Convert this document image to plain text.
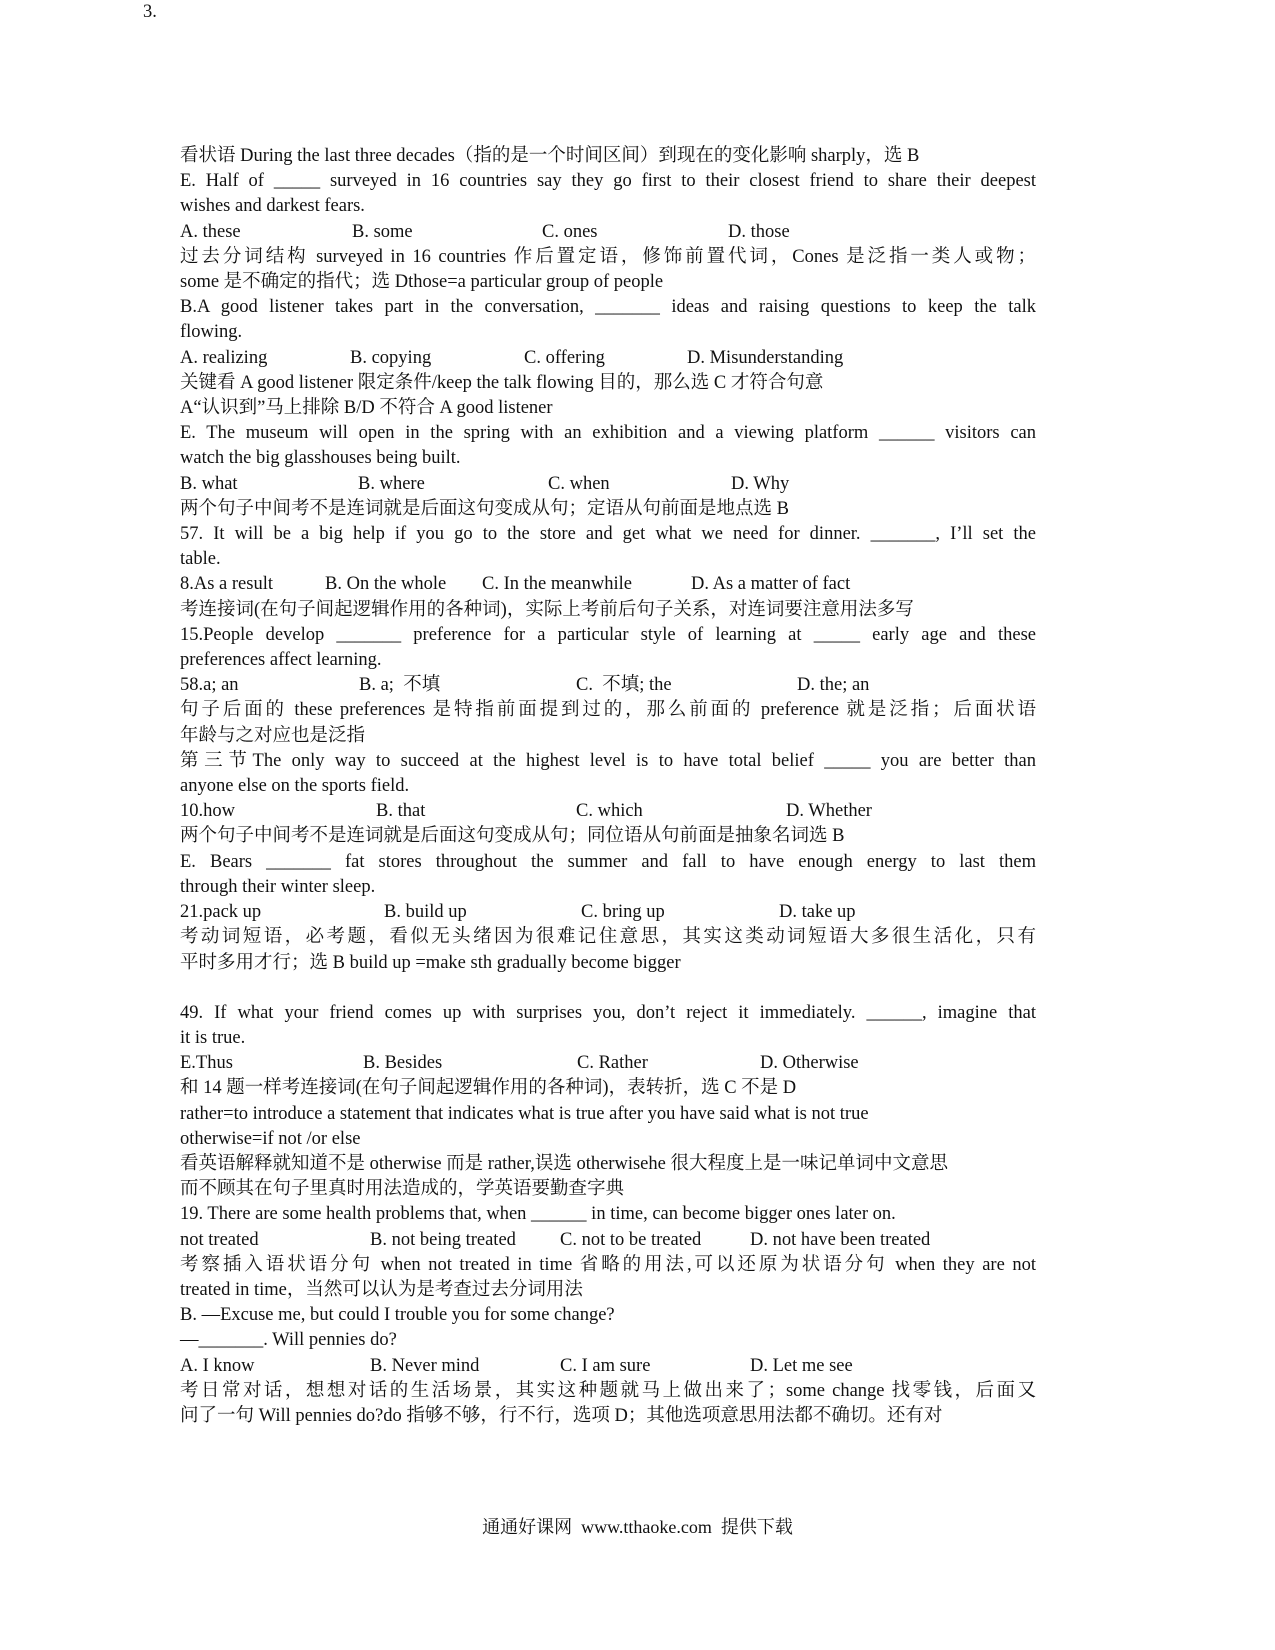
看状语 During the last three decades（指的是一个时间区间）到现在的变化影响 sharply，选 B
E. Half of _____ surveyed in 16 countries say they go first to their closest friend to share their deepest
wishes and darkest fears.
A. these	B. some	C. ones	D. those
过去分词结构 surveyed in 16 countries 作后置定语，修饰前置代词，Cones 是泛指一类人或物；
some 是不确定的指代；选 Dthose=a particular group of people
B.A good listener takes part in the conversation, _______ ideas and raising questions to keep the talk
flowing.
A. realizing	B. copying	C. offering	D. Misunderstanding
关键看 A good listener 限定条件/keep the talk flowing 目的，那么选 C 才符合句意
A“认识到”马上排除 B/D 不符合 A good listener
E. The museum will open in the spring with an exhibition and a viewing platform ______ visitors can
watch the big glasshouses being built.
B. what	B. where	C. when	D. Why
两个句子中间考不是连词就是后面这句变成从句；定语从句前面是地点选 B
57. It will be a big help if you go to the store and get what we need for dinner. _______, I’ll set the
table.
8.As a result	B. On the whole	C. In the meanwhile	D. As a matter of fact
考连接词(在句子间起逻辑作用的各种词)，实际上考前后句子关系，对连词要注意用法多写
15.People develop _______ preference for a particular style of learning at _____ early age and these
preferences affect learning.
58.a; an	B. a;  不填	C.  不填; the	D. the; an
句子后面的 these preferences 是特指前面提到过的，那么前面的 preference 就是泛指；后面状语
年龄与之对应也是泛指
第三节The only way to succeed at the highest level is to have total belief _____ you are better than
anyone else on the sports field.
10.how	B. that	C. which	D. Whether
两个句子中间考不是连词就是后面这句变成从句；同位语从句前面是抽象名词选 B
E. Bears _______ fat stores throughout the summer and fall to have enough energy to last them
through their winter sleep.
21.pack up	B. build up	C. bring up	D. take up
考动词短语，必考题，看似无头绪因为很难记住意思，其实这类动词短语大多很生活化，只有
平时多用才行；选 B build up =make sth gradually become bigger
49. If what your friend comes up with surprises you, don’t reject it immediately. ______, imagine that
it is true.
E.Thus	B. Besides	C. Rather	D. Otherwise
和 14 题一样考连接词(在句子间起逻辑作用的各种词)，表转折，选 C 不是 D
rather=to introduce a statement that indicates what is true after you have said what is not true
otherwise=if not /or else
看英语解释就知道不是 otherwise 而是 rather,误选 otherwisehe 很大程度上是一味记单词中文意思
而不顾其在句子里真时用法造成的，学英语要勤查字典
19. There are some health problems that, when ______ in time, can become bigger ones later on.
not treated	B. not being treated	C. not to be treated	D. not have been treated
考察插入语状语分句 when not treated in time 省略的用法,可以还原为状语分句 when they are not
treated in time，当然可以认为是考查过去分词用法
B. —Excuse me, but could I trouble you for some change?
—_______. Will pennies do?
A. I know	B. Never mind	C. I am sure	D. Let me see
考日常对话，想想对话的生活场景，其实这种题就马上做出来了；some change 找零钱，后面又
问了一句 Will pennies do?do 指够不够，行不行，选项 D；其他选项意思用法都不确切。还有对
3.
通通好课网  www.tthaoke.com  提供下载
